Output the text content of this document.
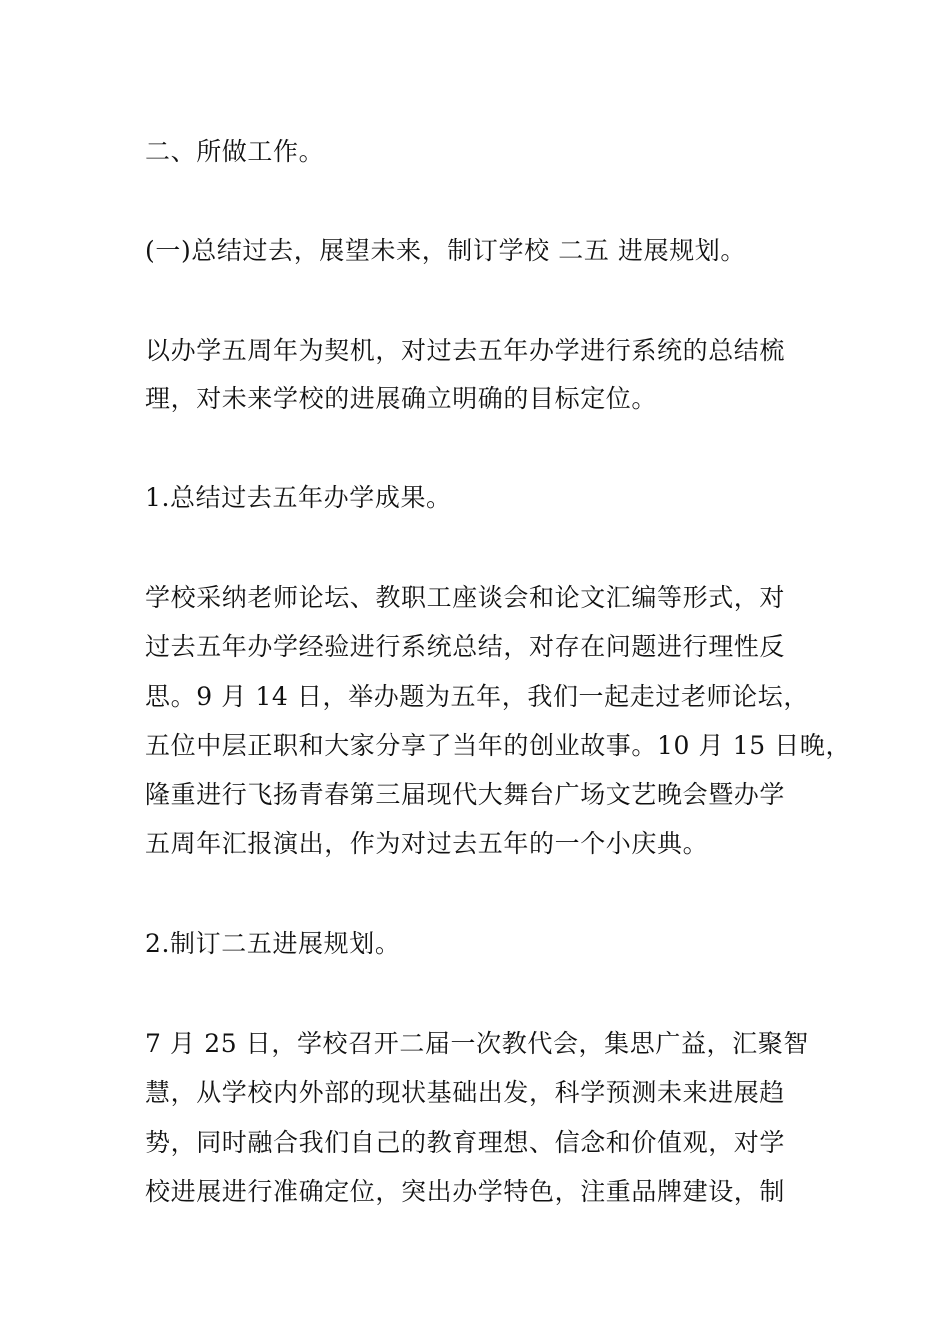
二、所做工作。
(一)总结过去，展望未来，制订学校 二五 进展规划。
以办学五周年为契机，对过去五年办学进行系统的总结梳
理，对未来学校的进展确立明确的目标定位。
1.总结过去五年办学成果。
学校采纳老师论坛、教职工座谈会和论文汇编等形式，对
过去五年办学经验进行系统总结，对存在问题进行理性反
思。9 月 14 日，举办题为五年，我们一起走过老师论坛，
五位中层正职和大家分享了当年的创业故事。10 月 15 日晚，
隆重进行飞扬青春第三届现代大舞台广场文艺晚会暨办学
五周年汇报演出，作为对过去五年的一个小庆典。
2.制订二五进展规划。
7 月 25 日，学校召开二届一次教代会，集思广益，汇聚智
慧，从学校内外部的现状基础出发，科学预测未来进展趋
势，同时融合我们自己的教育理想、信念和价值观，对学
校进展进行准确定位，突出办学特色，注重品牌建设，制
